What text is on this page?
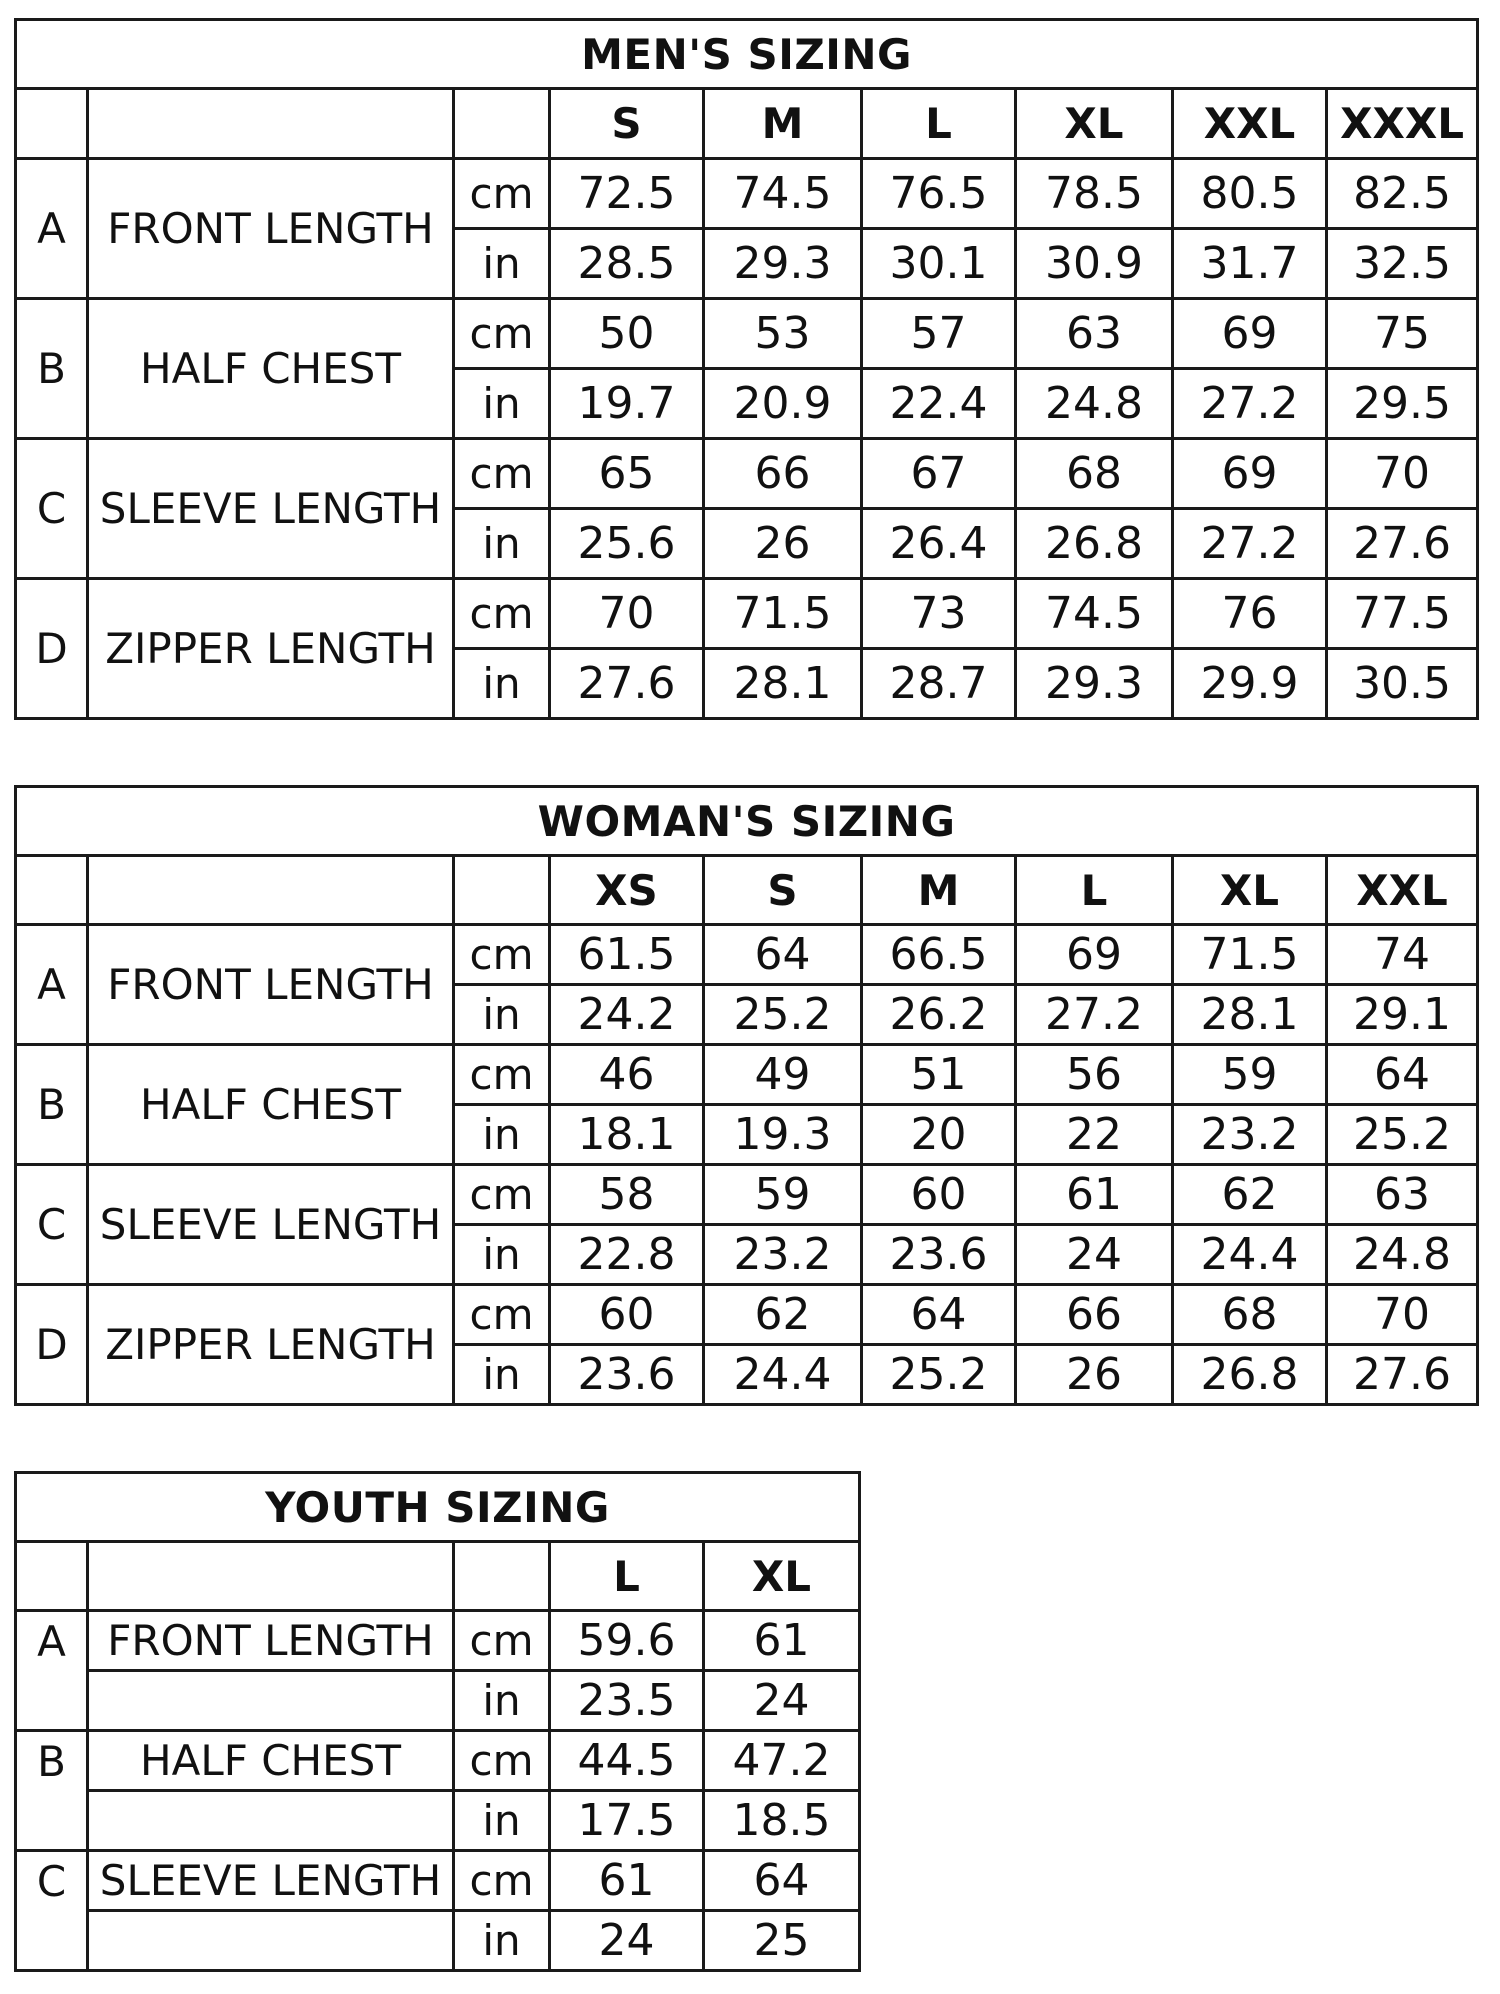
MEN'S SIZING								
			S	M	L	XL	XXL	XXXL
A	FRONT LENGTH	cm	72.5	74.5	76.5	78.5	80.5	82.5
		in	28.5	29.3	30.1	30.9	31.7	32.5
B	HALF CHEST	cm	50	53	57	63	69	75
		in	19.7	20.9	22.4	24.8	27.2	29.5
C	SLEEVE LENGTH	cm	65	66	67	68	69	70
		in	25.6	26	26.4	26.8	27.2	27.6
D	ZIPPER LENGTH	cm	70	71.5	73	74.5	76	77.5
		in	27.6	28.1	28.7	29.3	29.9	30.5
WOMAN'S SIZING								
			XS	S	M	L	XL	XXL
A	FRONT LENGTH	cm	61.5	64	66.5	69	71.5	74
		in	24.2	25.2	26.2	27.2	28.1	29.1
B	HALF CHEST	cm	46	49	51	56	59	64
		in	18.1	19.3	20	22	23.2	25.2
C	SLEEVE LENGTH	cm	58	59	60	61	62	63
		in	22.8	23.2	23.6	24	24.4	24.8
D	ZIPPER LENGTH	cm	60	62	64	66	68	70
		in	23.6	24.4	25.2	26	26.8	27.6
YOUTH SIZING				
			L	XL
A	FRONT LENGTH	cm	59.6	61
		in	23.5	24
B	HALF CHEST	cm	44.5	47.2
		in	17.5	18.5
C	SLEEVE LENGTH	cm	61	64
		in	24	25
